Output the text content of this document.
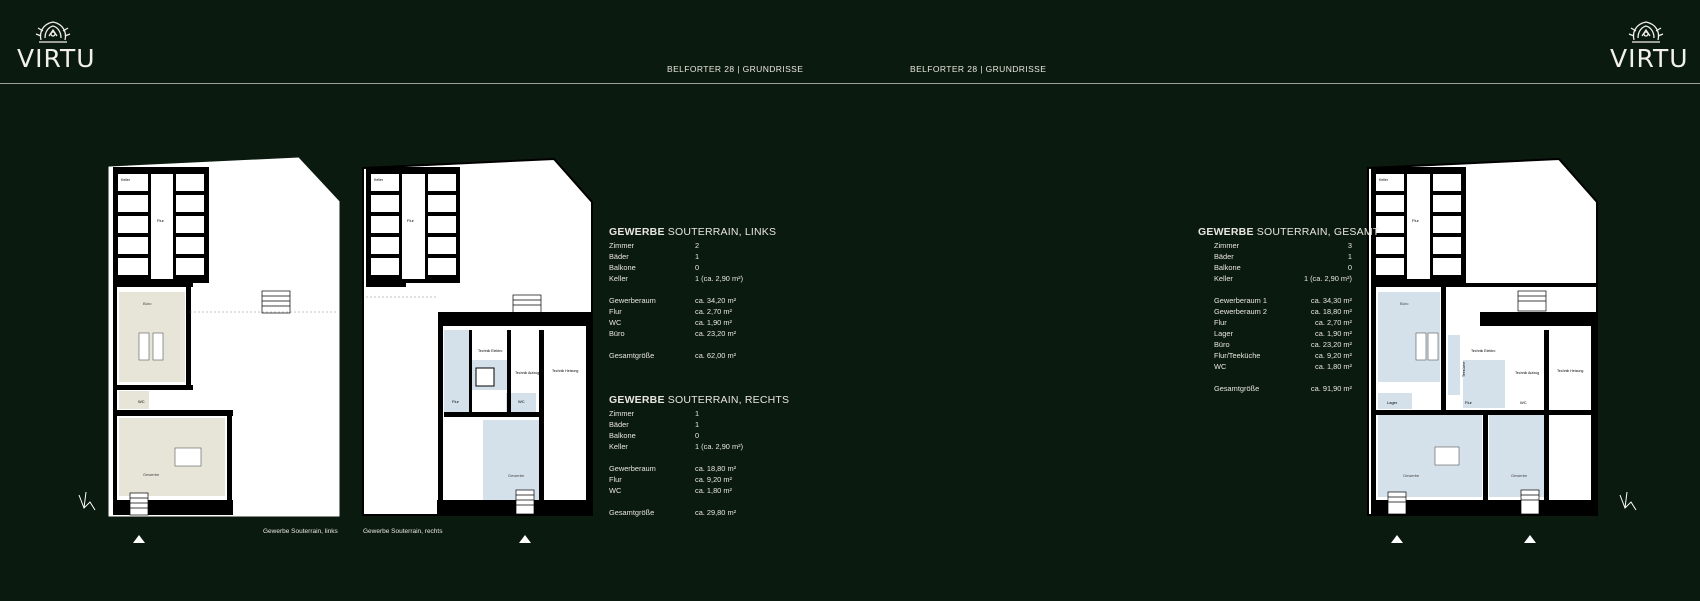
VIRTU	VIRTU
BELFORTER 28 | GRUNDRISSE	BELFORTER 28 | GRUNDRISSE
Keller
Flur
Büro
WC
Gewerbe
Keller
Flur
Flur	WC
Gewerbe
Technik Elektro
Technik Aufzug	Technik Heizung
Keller
Flur
Büro
Lager	Flur	WC
Gewerbe	Gewerbe
Technik Elektro
Technik Aufzug	Technik Heizung
Teeküche
Gewerbe Souterrain, links	Gewerbe Souterrain, rechts
GEWERBE SOUTERRAIN, LINKS
Zimmer	2
Bäder	1
Balkone	0
Keller	1 (ca. 2,90 m²)
Gewerberaum	ca. 34,20 m²
Flur	ca. 2,70 m²
WC	ca. 1,90 m²
Büro	ca. 23,20 m²
Gesamtgröße	ca. 62,00 m²
GEWERBE SOUTERRAIN, RECHTS
Zimmer	1
Bäder	1
Balkone	0
Keller	1 (ca. 2,90 m²)
Gewerberaum	ca. 18,80 m²
Flur	ca. 9,20 m²
WC	ca. 1,80 m²
Gesamtgröße	ca. 29,80 m²
GEWERBE SOUTERRAIN, GESAMT
Zimmer	3
Bäder	1
Balkone	0
Keller	1 (ca. 2,90 m²)
Gewerberaum 1	ca. 34,30 m²
Gewerberaum 2	ca. 18,80 m²
Flur	ca. 2,70 m²
Lager	ca. 1,90 m²
Büro	ca. 23,20 m²
Flur/Teeküche	ca. 9,20 m²
WC	ca. 1,80 m²
Gesamtgröße	ca. 91,90 m²
